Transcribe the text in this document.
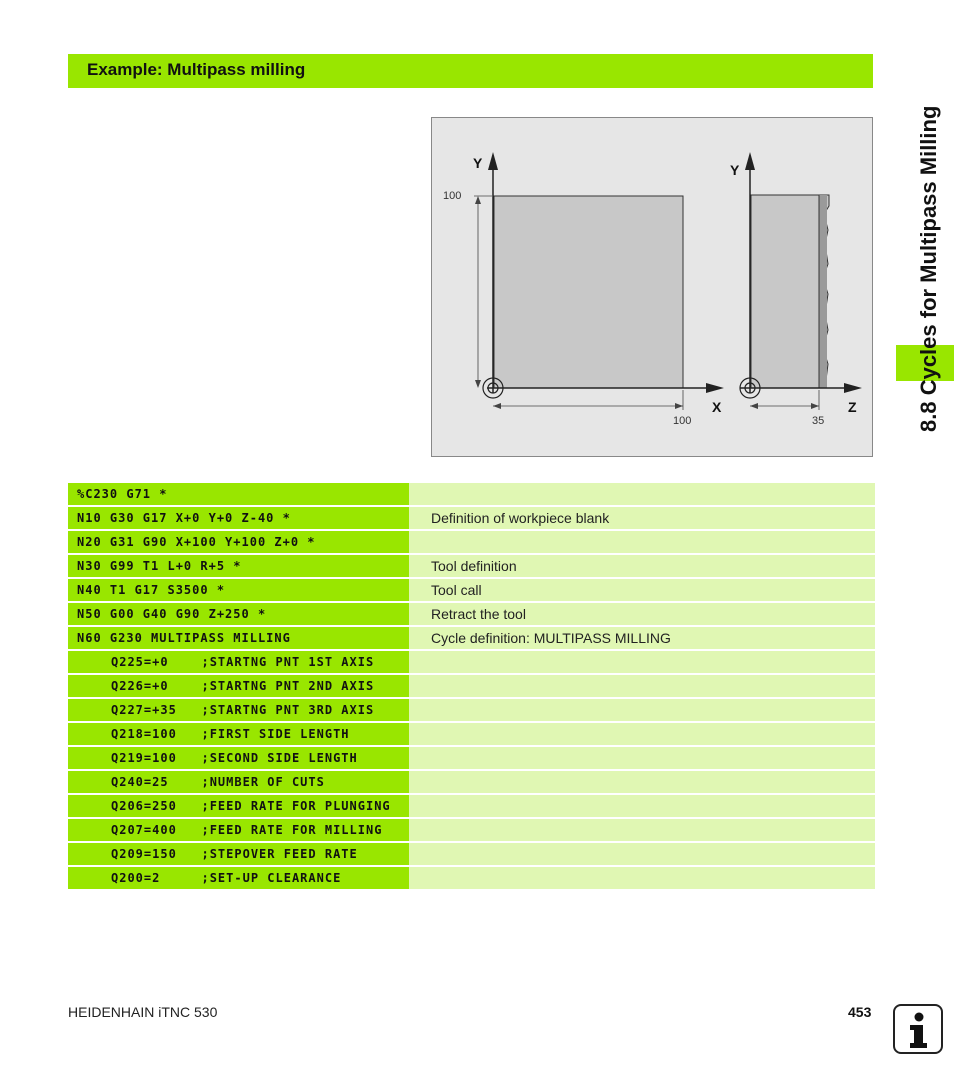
Example: Multipass milling
Y
X
100
100
Y
Z
35	8.8 Cycles for Multipass Milling
%C230 G71 *
N10 G30 G17 X+0 Y+0 Z-40 *	Definition of workpiece blank
N20 G31 G90 X+100 Y+100 Z+0 *
N30 G99 T1 L+0 R+5 *	Tool definition
N40 T1 G17 S3500 *	Tool call
N50 G00 G40 G90 Z+250 *	Retract the tool
N60 G230 MULTIPASS MILLING	Cycle definition: MULTIPASS MILLING
Q225=+0    ;STARTNG PNT 1ST AXIS
Q226=+0    ;STARTNG PNT 2ND AXIS
Q227=+35   ;STARTNG PNT 3RD AXIS
Q218=100   ;FIRST SIDE LENGTH
Q219=100   ;SECOND SIDE LENGTH
Q240=25    ;NUMBER OF CUTS
Q206=250   ;FEED RATE FOR PLUNGING
Q207=400   ;FEED RATE FOR MILLING
Q209=150   ;STEPOVER FEED RATE
Q200=2     ;SET-UP CLEARANCE
HEIDENHAIN iTNC 530	453
